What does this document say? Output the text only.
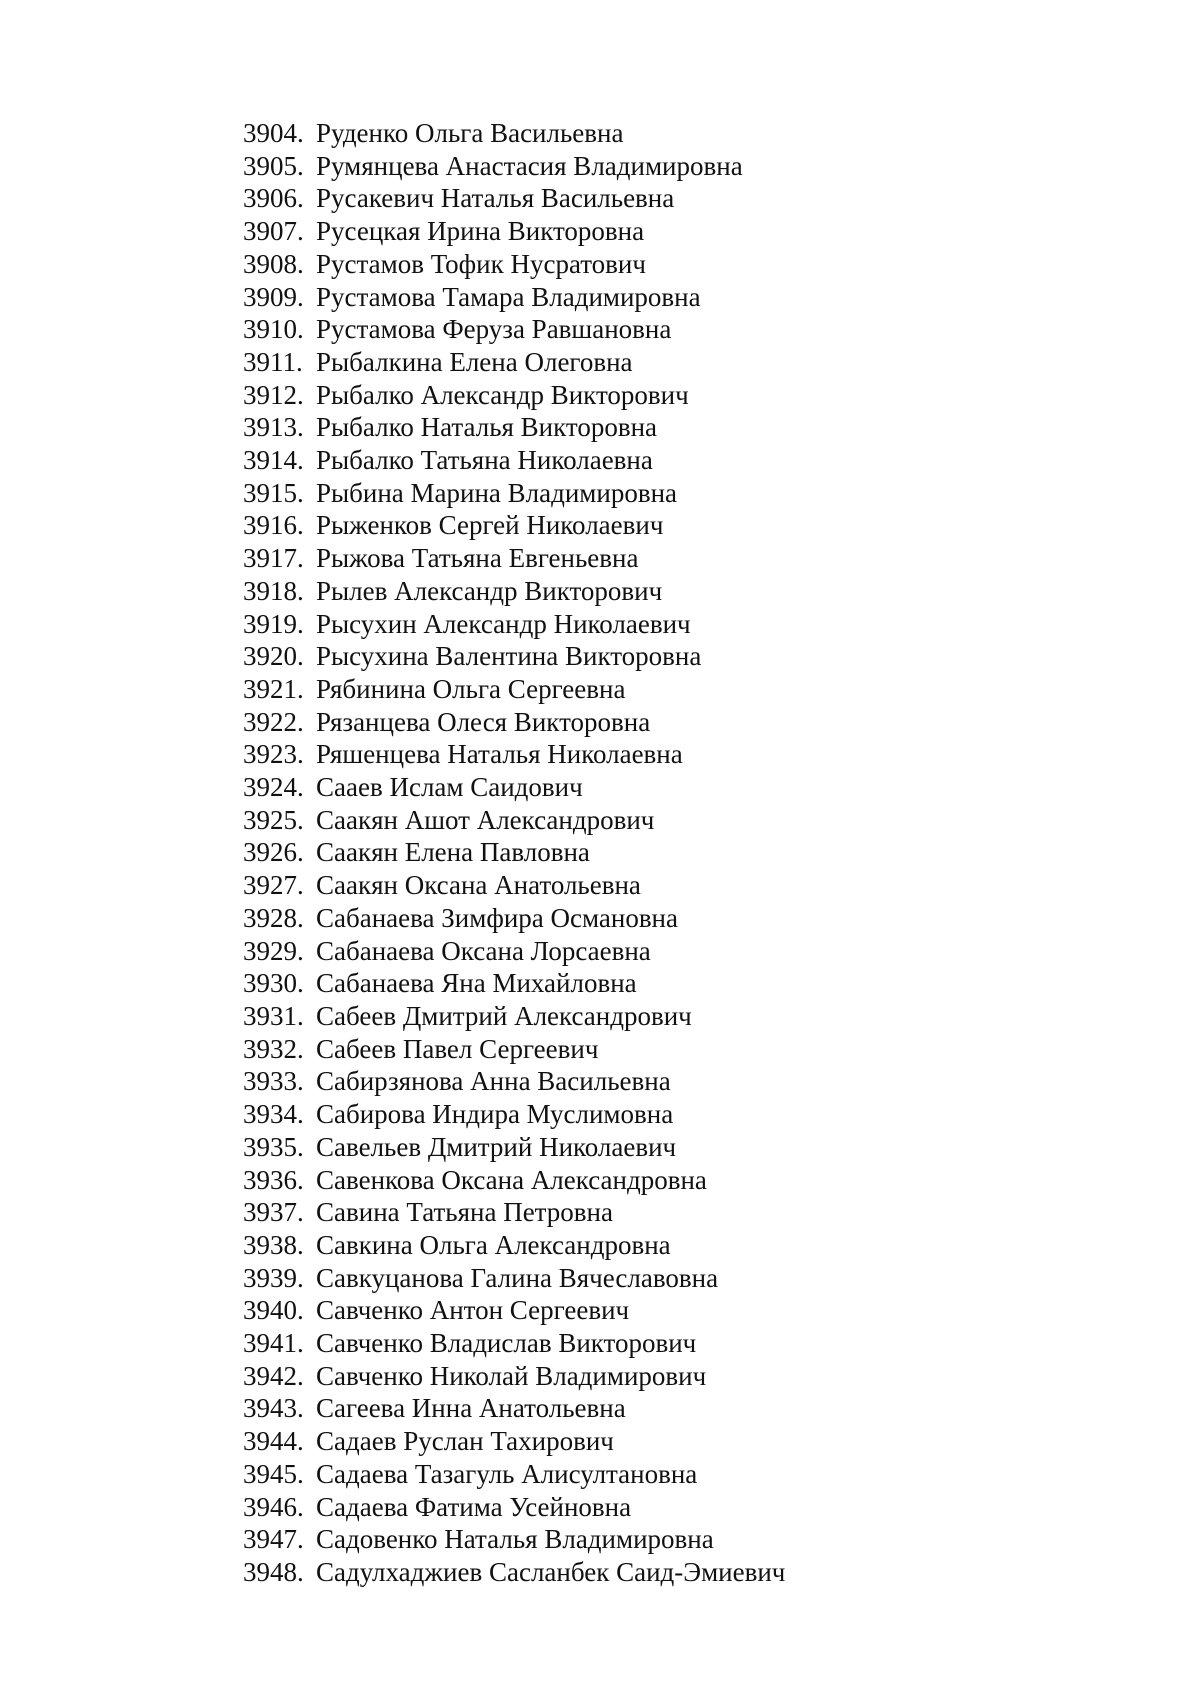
3904. Руденко Ольга Васильевна
3905. Румянцева Анастасия Владимировна
3906. Русакевич Наталья Васильевна
3907. Русецкая Ирина Викторовна
3908. Рустамов Тофик Нусратович
3909. Рустамова Тамара Владимировна
3910. Рустамова Феруза Равшановна
3911. Рыбалкина Елена Олеговна
3912. Рыбалко Александр Викторович
3913. Рыбалко Наталья Викторовна
3914. Рыбалко Татьяна Николаевна
3915. Рыбина Марина Владимировна
3916. Рыженков Сергей Николаевич
3917. Рыжова Татьяна Евгеньевна
3918. Рылев Александр Викторович
3919. Рысухин Александр Николаевич
3920. Рысухина Валентина Викторовна
3921. Рябинина Ольга Сергеевна
3922. Рязанцева Олеся Викторовна
3923. Ряшенцева Наталья Николаевна
3924. Сааев Ислам Саидович
3925. Саакян Ашот Александрович
3926. Саакян Елена Павловна
3927. Саакян Оксана Анатольевна
3928. Сабанаева Зимфира Османовна
3929. Сабанаева Оксана Лорсаевна
3930. Сабанаева Яна Михайловна
3931. Сабеев Дмитрий Александрович
3932. Сабеев Павел Сергеевич
3933. Сабирзянова Анна Васильевна
3934. Сабирова Индира Муслимовна
3935. Савельев Дмитрий Николаевич
3936. Савенкова Оксана Александровна
3937. Савина Татьяна Петровна
3938. Савкина Ольга Александровна
3939. Савкуцанова Галина Вячеславовна
3940. Савченко Антон Сергеевич
3941. Савченко Владислав Викторович
3942. Савченко Николай Владимирович
3943. Сагеева Инна Анатольевна
3944. Садаев Руслан Тахирович
3945. Садаева Тазагуль Алисултановна
3946. Садаева Фатима Усейновна
3947. Садовенко Наталья Владимировна
3948. Садулхаджиев Сасланбек Саид-Эмиевич
